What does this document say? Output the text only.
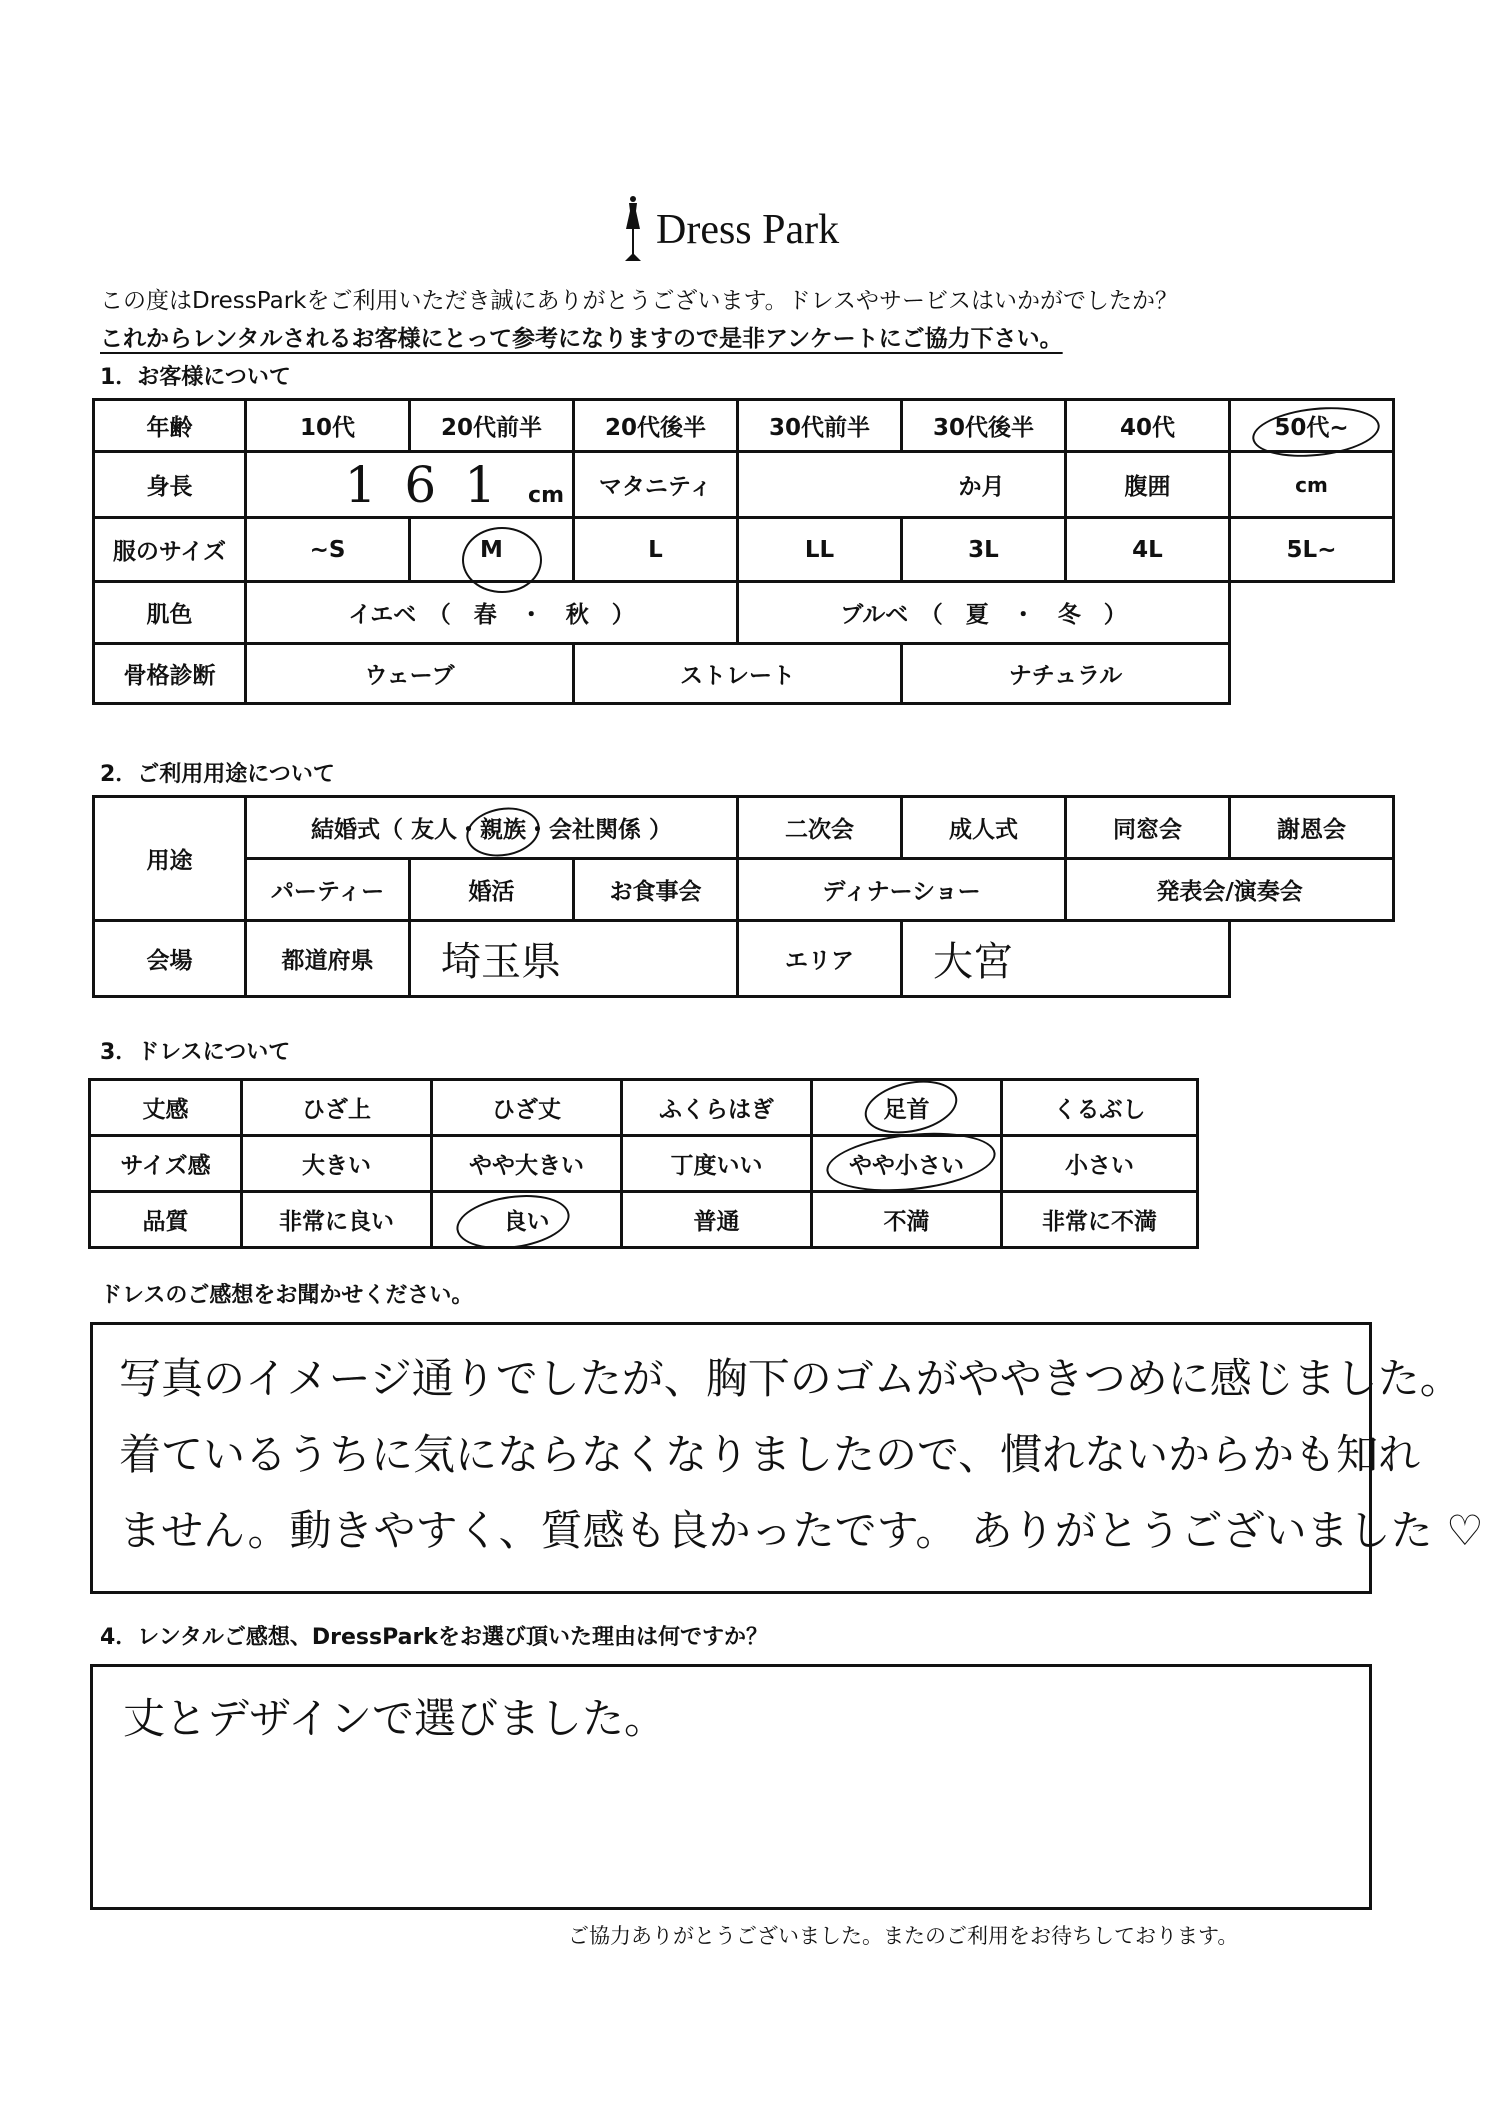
Dress Park
この度はDressParkをご利用いただき誠にありがとうございます。ドレスやサービスはいかがでしたか？
これからレンタルされるお客様にとって参考になりますので是非アンケートにご協力下さい。
1．お客様について
年齢	10代	20代前半	20代後半	30代前半	30代後半	40代	50代~
身長	161 cm		マタニティ	か月		腹囲	cm
服のサイズ	~S	M	L	LL	3L	4L	5L~
肌色	イエベ　（　春　・　秋　）			ブルベ　（　夏　・　冬　）			
骨格診断	ウェーブ		ストレート		ナチュラル		
2．ご利用用途について
用途	結婚式（ 友人・親族・会社関係 ）			二次会	成人式	同窓会	謝恩会
	パーティー	婚活	お食事会	ディナーショー		発表会/演奏会	
会場	都道府県	埼玉県		エリア	大宮		
3．ドレスについて
丈感	ひざ上	ひざ丈	ふくらはぎ	足首	くるぶし
サイズ感	大きい	やや大きい	丁度いい	やや小さい	小さい
品質	非常に良い	良い	普通	不満	非常に不満
ドレスのご感想をお聞かせください。
写真のイメージ通りでしたが、胸下のゴムがややきつめに感じました。
着ているうちに気にならなくなりましたので、慣れないからかも知れ
ません。動きやすく、質感も良かったです。 ありがとうございました ♡
4．レンタルご感想、DressParkをお選び頂いた理由は何ですか？
丈とデザインで選びました。
ご協力ありがとうございました。またのご利用をお待ちしております。
